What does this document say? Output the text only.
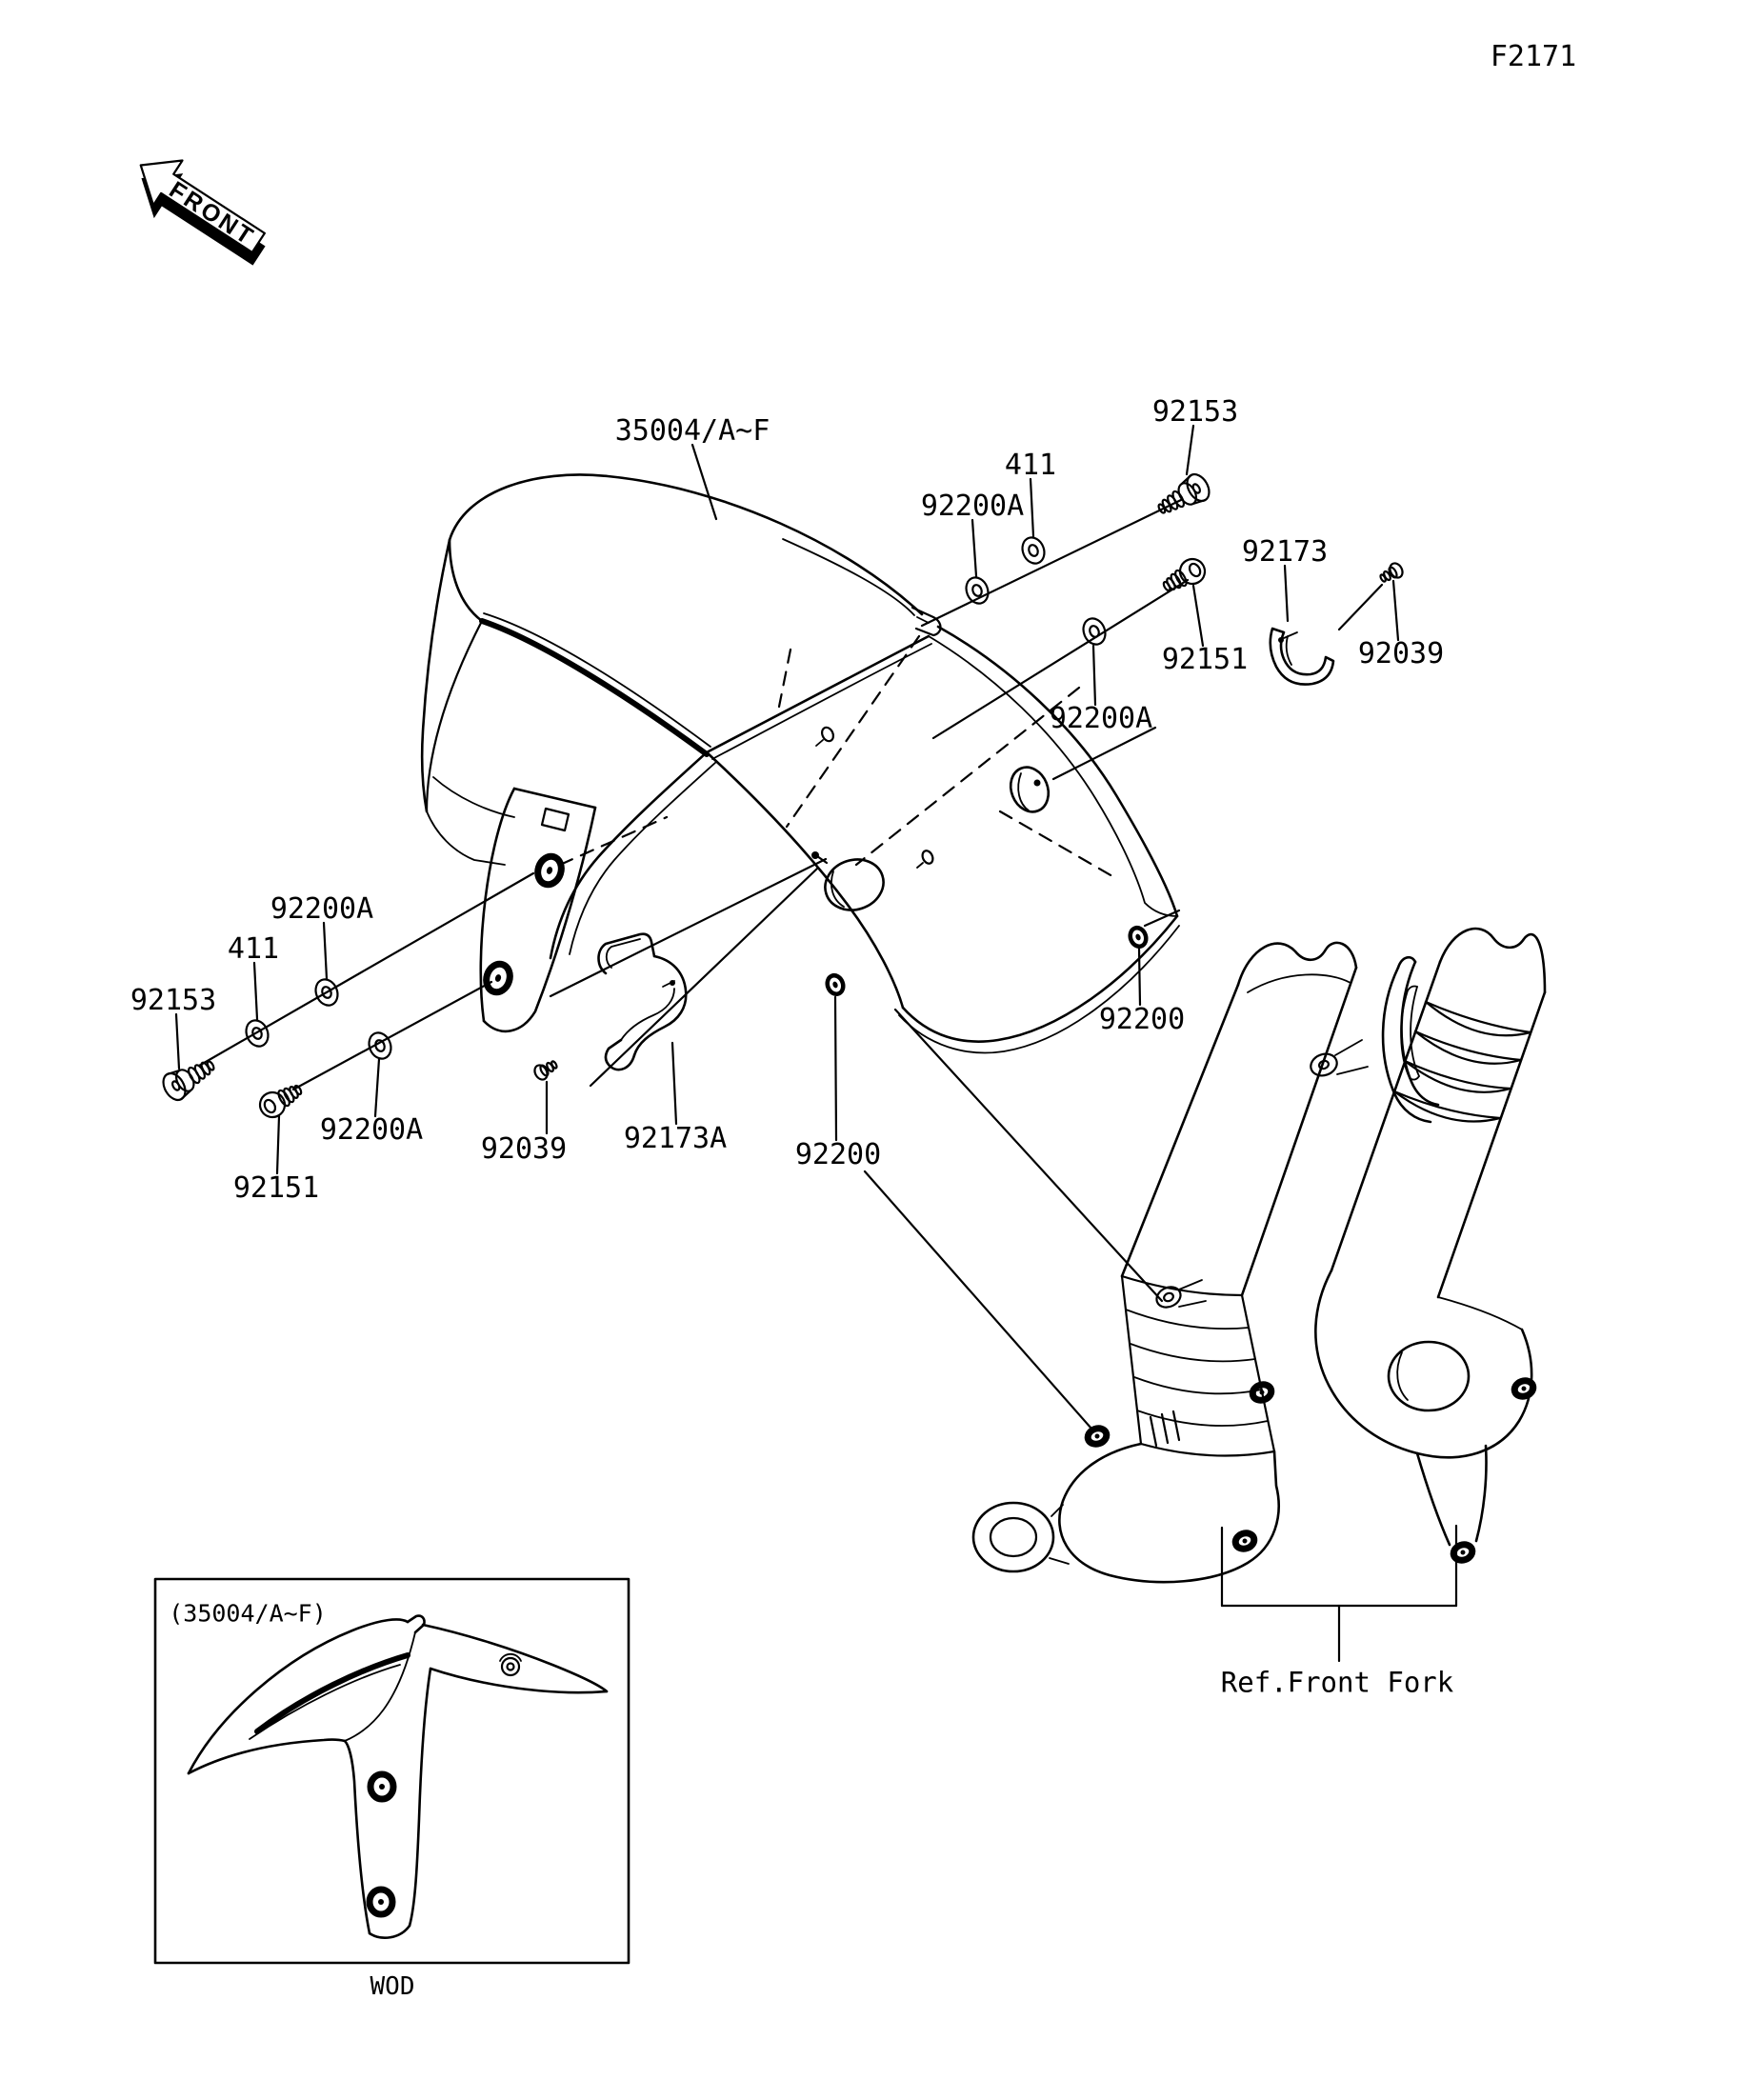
FRONT
F2171
35004/A~F
92153
411
92200A
92173
92151	92039
92200A
92200A
411
92153
92200A
92151
92039 92173A 92200
92200
Ref.Front Fork
(35004/A~F)
WOD
